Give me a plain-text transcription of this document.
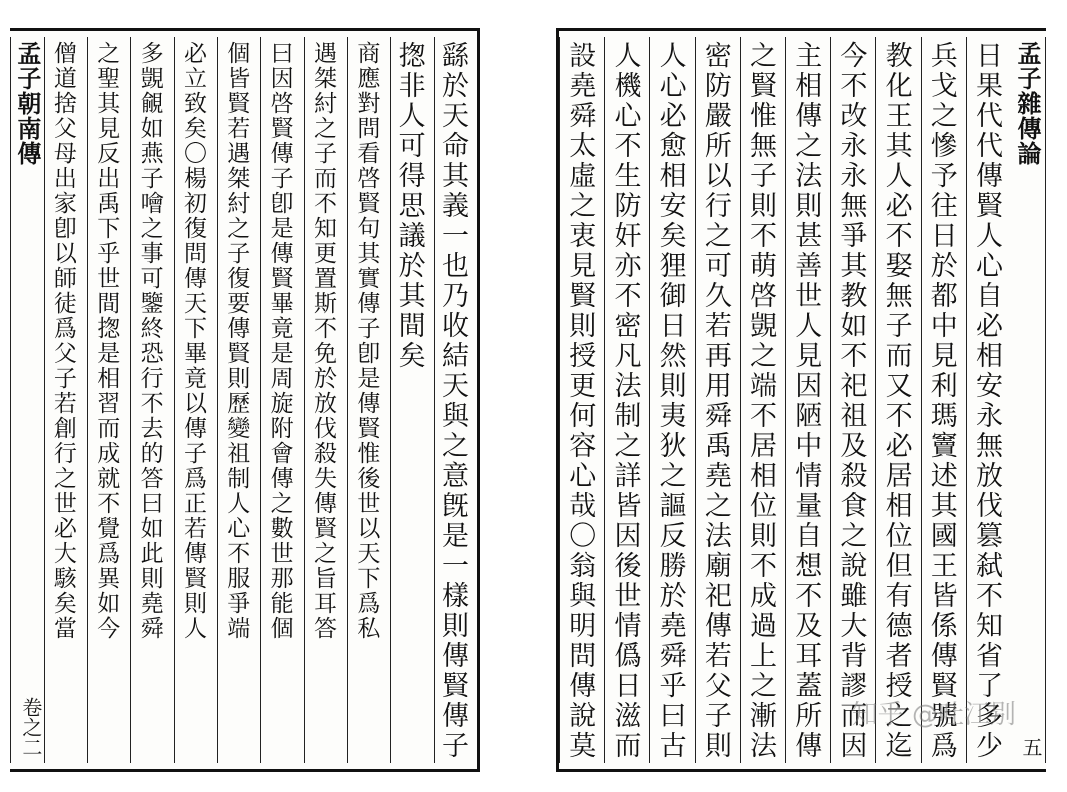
繇於天命其義一也乃收結天與之意旣是一樣則傳賢傳子
揔非人可得思議於其間矣
商應對問看啓賢句其實傳子卽是傳賢惟後世以天下爲私
遇桀紂之子而不知更置斯不免於放伐殺失傳賢之旨耳答
曰因啓賢傳子卽是傳賢畢竟是周旋附會傳之數世那能個
個皆賢若遇桀紂之子復要傳賢則歷變祖制人心不服爭端
必立致矣〇楊初復問傳天下畢竟以傳子爲正若傳賢則人
多覬覦如燕子噲之事可鑒終恐行不去的答曰如此則堯舜
之聖其見反出禹下乎世間揔是相習而成就不覺爲異如今
僧道捨父母出家卽以師徒爲父子若創行之世必大駭矣當
孟子朝南傳
卷之二
孟子雜傳論
五
日果代代傳賢人心自必相安永無放伐篡弑不知省了多少
兵戈之慘予往日於都中見利瑪竇述其國王皆係傳賢號爲
教化王其人必不娶無子而又不必居相位但有德者授之迄
今不改永永無爭其教如不祀祖及殺食之說雖大背謬而因
主相傳之法則甚善世人見因陋中情量自想不及耳蓋所傳
之賢惟無子則不萌啓覬之端不居相位則不成過上之漸法
密防嚴所以行之可久若再用舜禹堯之法廟祀傳若父子則
人心必愈相安矣狸御日然則夷狄之謳反勝於堯舜乎曰古
人機心不生防奸亦不密凡法制之詳皆因後世情僞日滋而
設堯舜太虛之衷見賢則授更何容心哉〇翁與明問傳說莫	知乎 @吐江別
